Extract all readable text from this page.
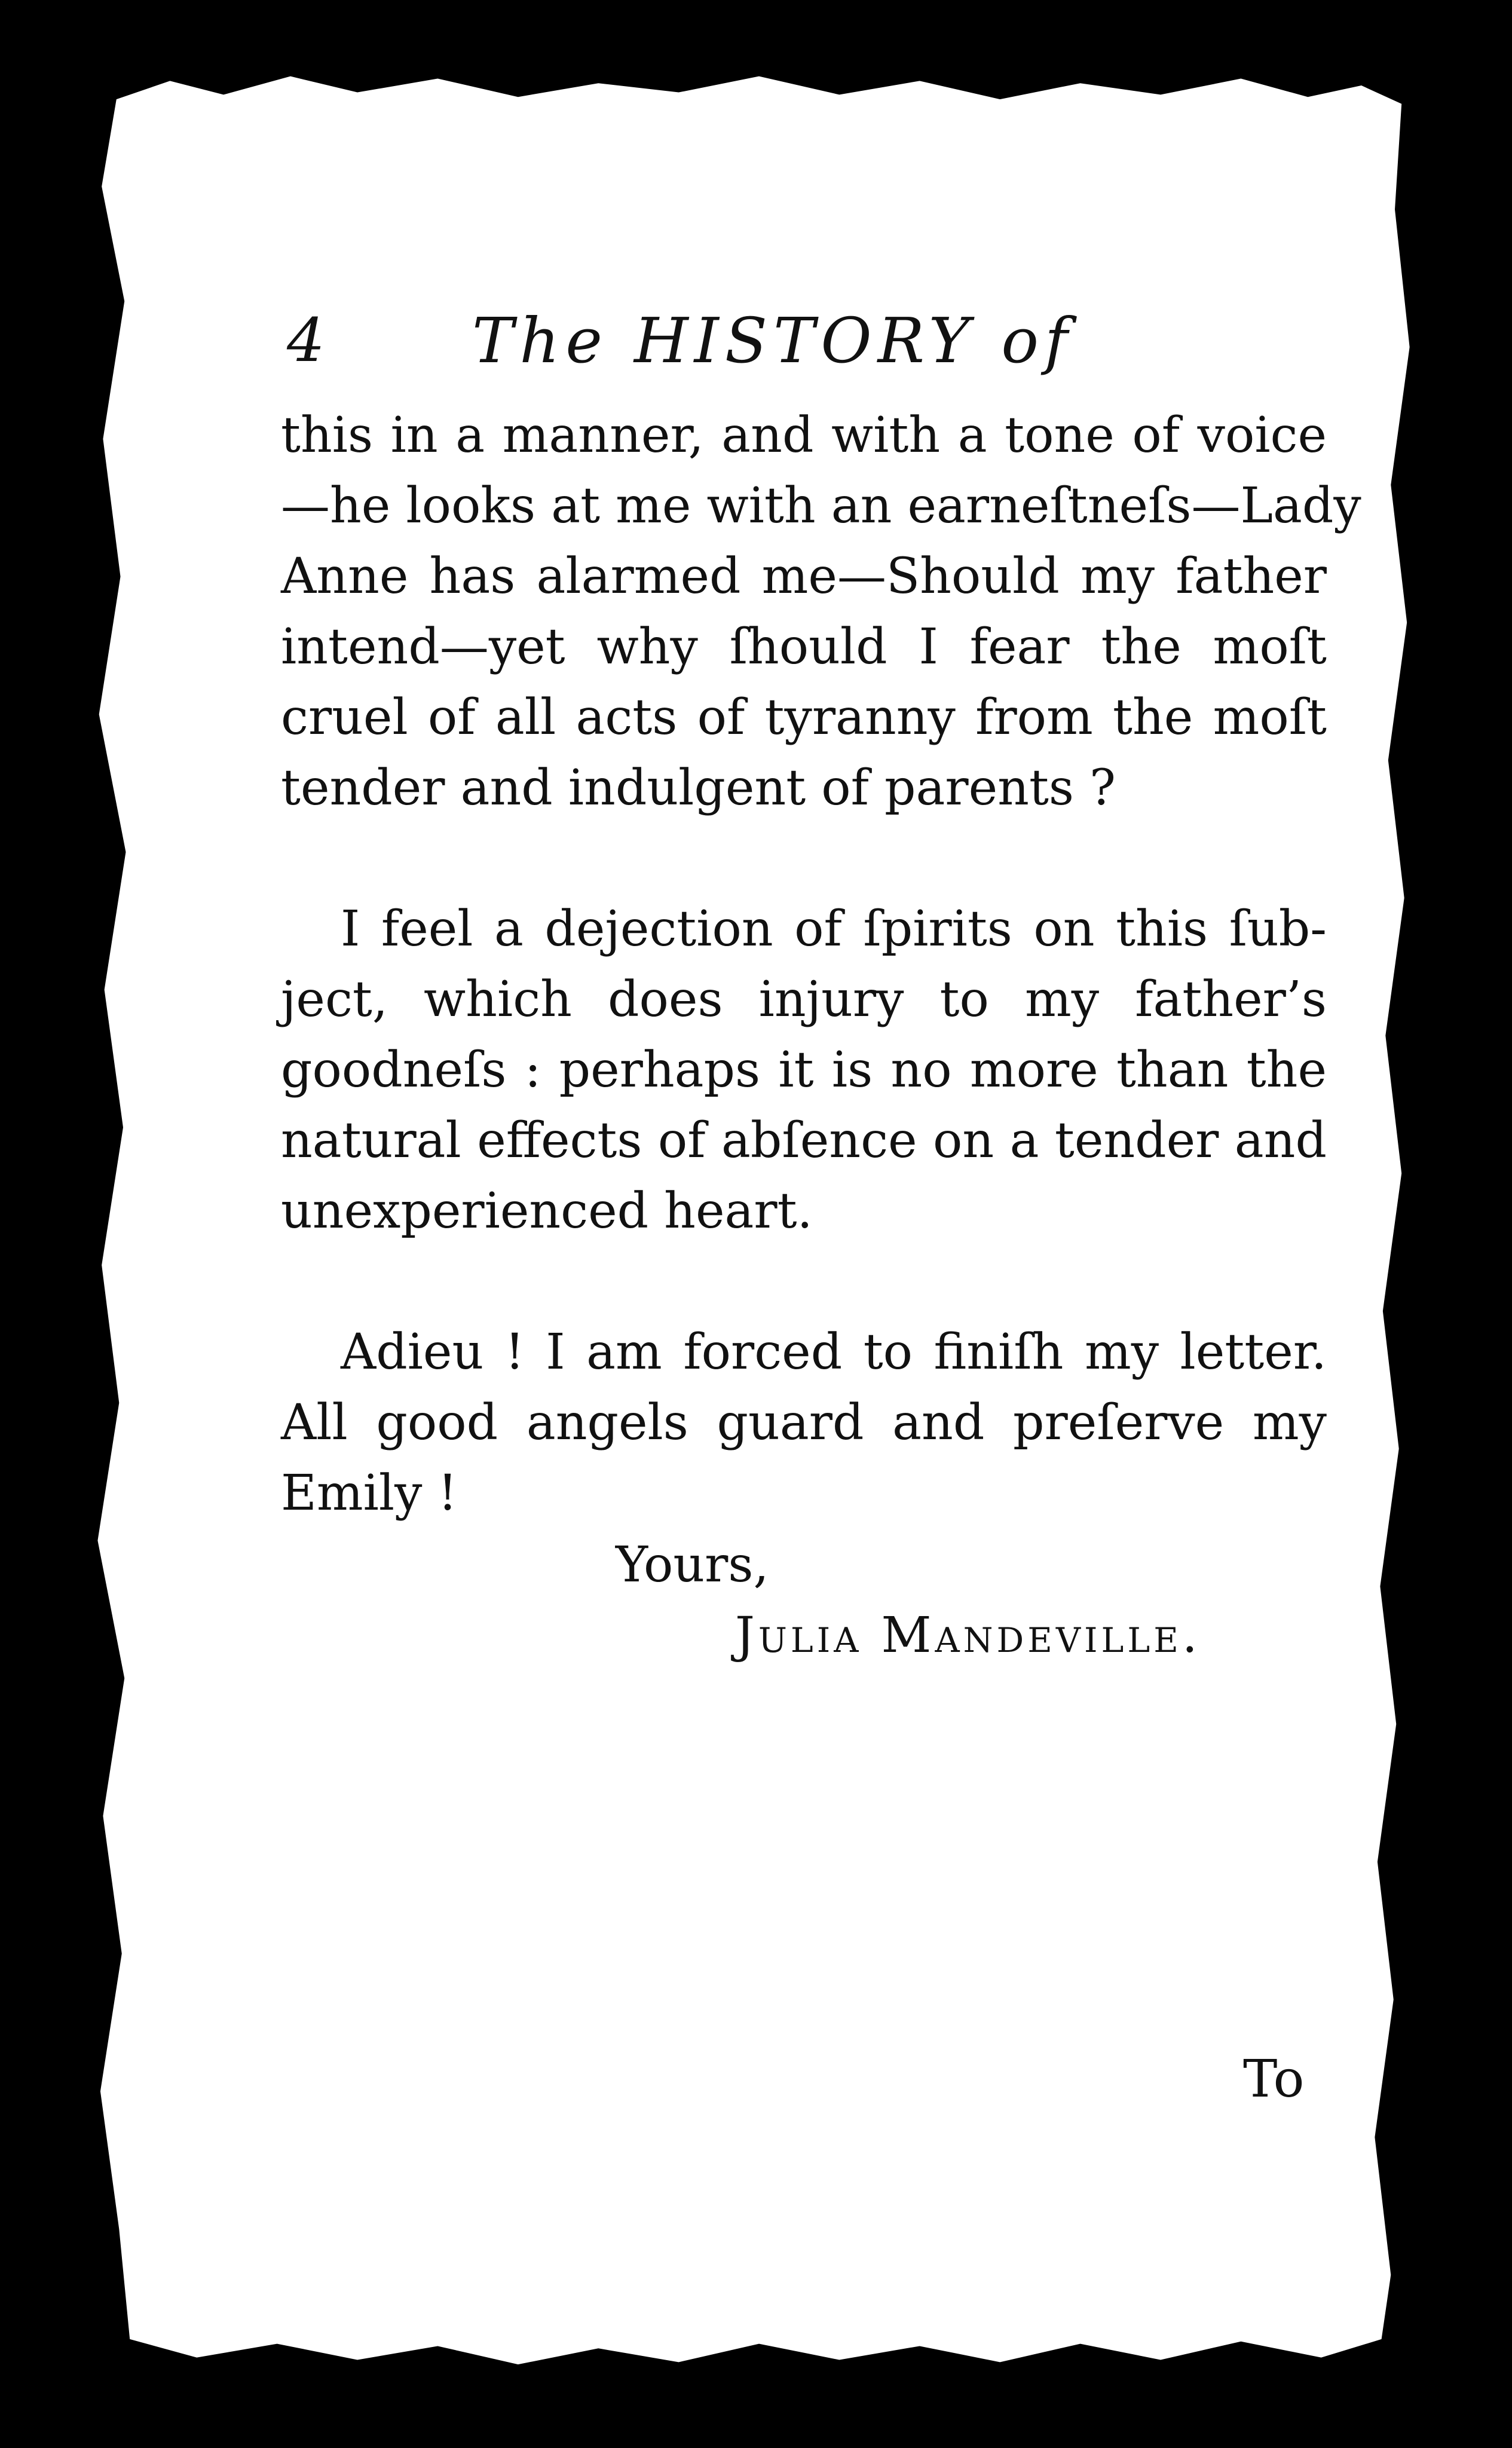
4 The HISTORY of
this in a manner, and with a tone of voice
—he looks at me with an earneſtneſs—Lady
Anne has alarmed me—Should my father
intend—yet why ſhould I fear the moſt
cruel of all acts of tyranny from the moſt
tender and indulgent of parents ?
I feel a dejection of ſpirits on this ſub-
ject, which does injury to my father’s
goodneſs : perhaps it is no more than the
natural effects of abſence on a tender and
unexperienced heart.
Adieu ! I am forced to finiſh my letter.
All good angels guard and preſerve my
Emily !
Yours,
Julia Mandeville.
To
